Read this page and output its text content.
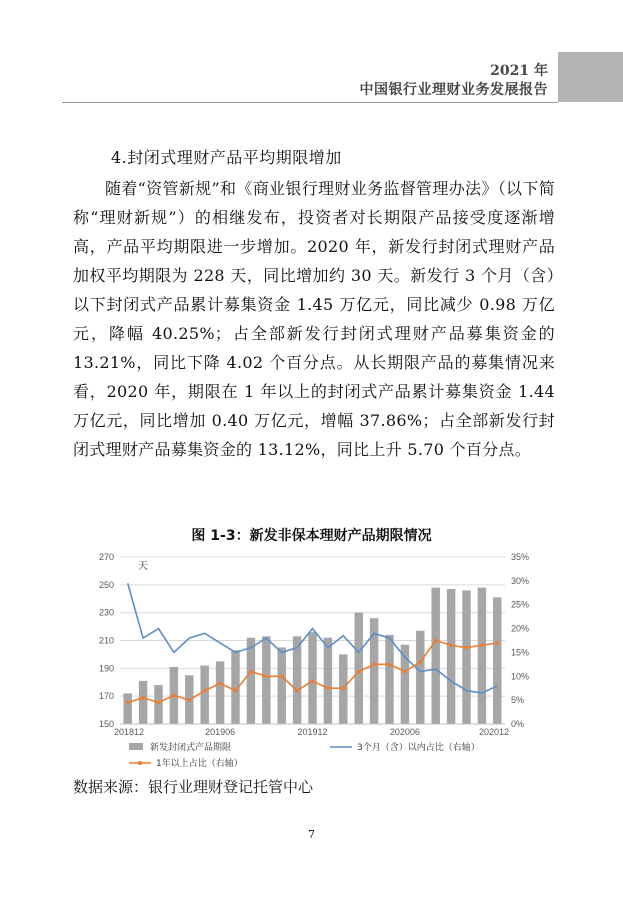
2021 年
中国银行业理财业务发展报告
4.封闭式理财产品平均期限增加

随着“资管新规”和《商业银行理财业务监督管理办法》（以下简称“理财新规”）的相继发布，投资者对长期限产品接受度逐渐增高，产品平均期限进一步增加。2020 年，新发行封闭式理财产品加权平均期限为 228 天，同比增加约 30 天。新发行 3 个月（含）以下封闭式产品累计募集资金 1.45 万亿元，同比减少 0.98 万亿元，降幅 40.25%；占全部新发行封闭式理财产品募集资金的 13.21%，同比下降 4.02 个百分点。从长期限产品的募集情况来看，2020 年，期限在 1 年以上的封闭式产品累计募集资金 1.44 万亿元，同比增加 0.40 万亿元，增幅 37.86%；占全部新发行封闭式理财产品募集资金的 13.12%，同比上升 5.70 个百分点。

图 1-3：新发非保本理财产品期限情况
150
170
190
210
230
250
270
0%
5%
10%
15%
20%
25%
30%
35%
天
201812	201906	201912	202006	202012
新发封闭式产品期限	3个月（含）以内占比（右轴）
1年以上占比（右轴）
数据来源：银行业理财登记托管中心
7
